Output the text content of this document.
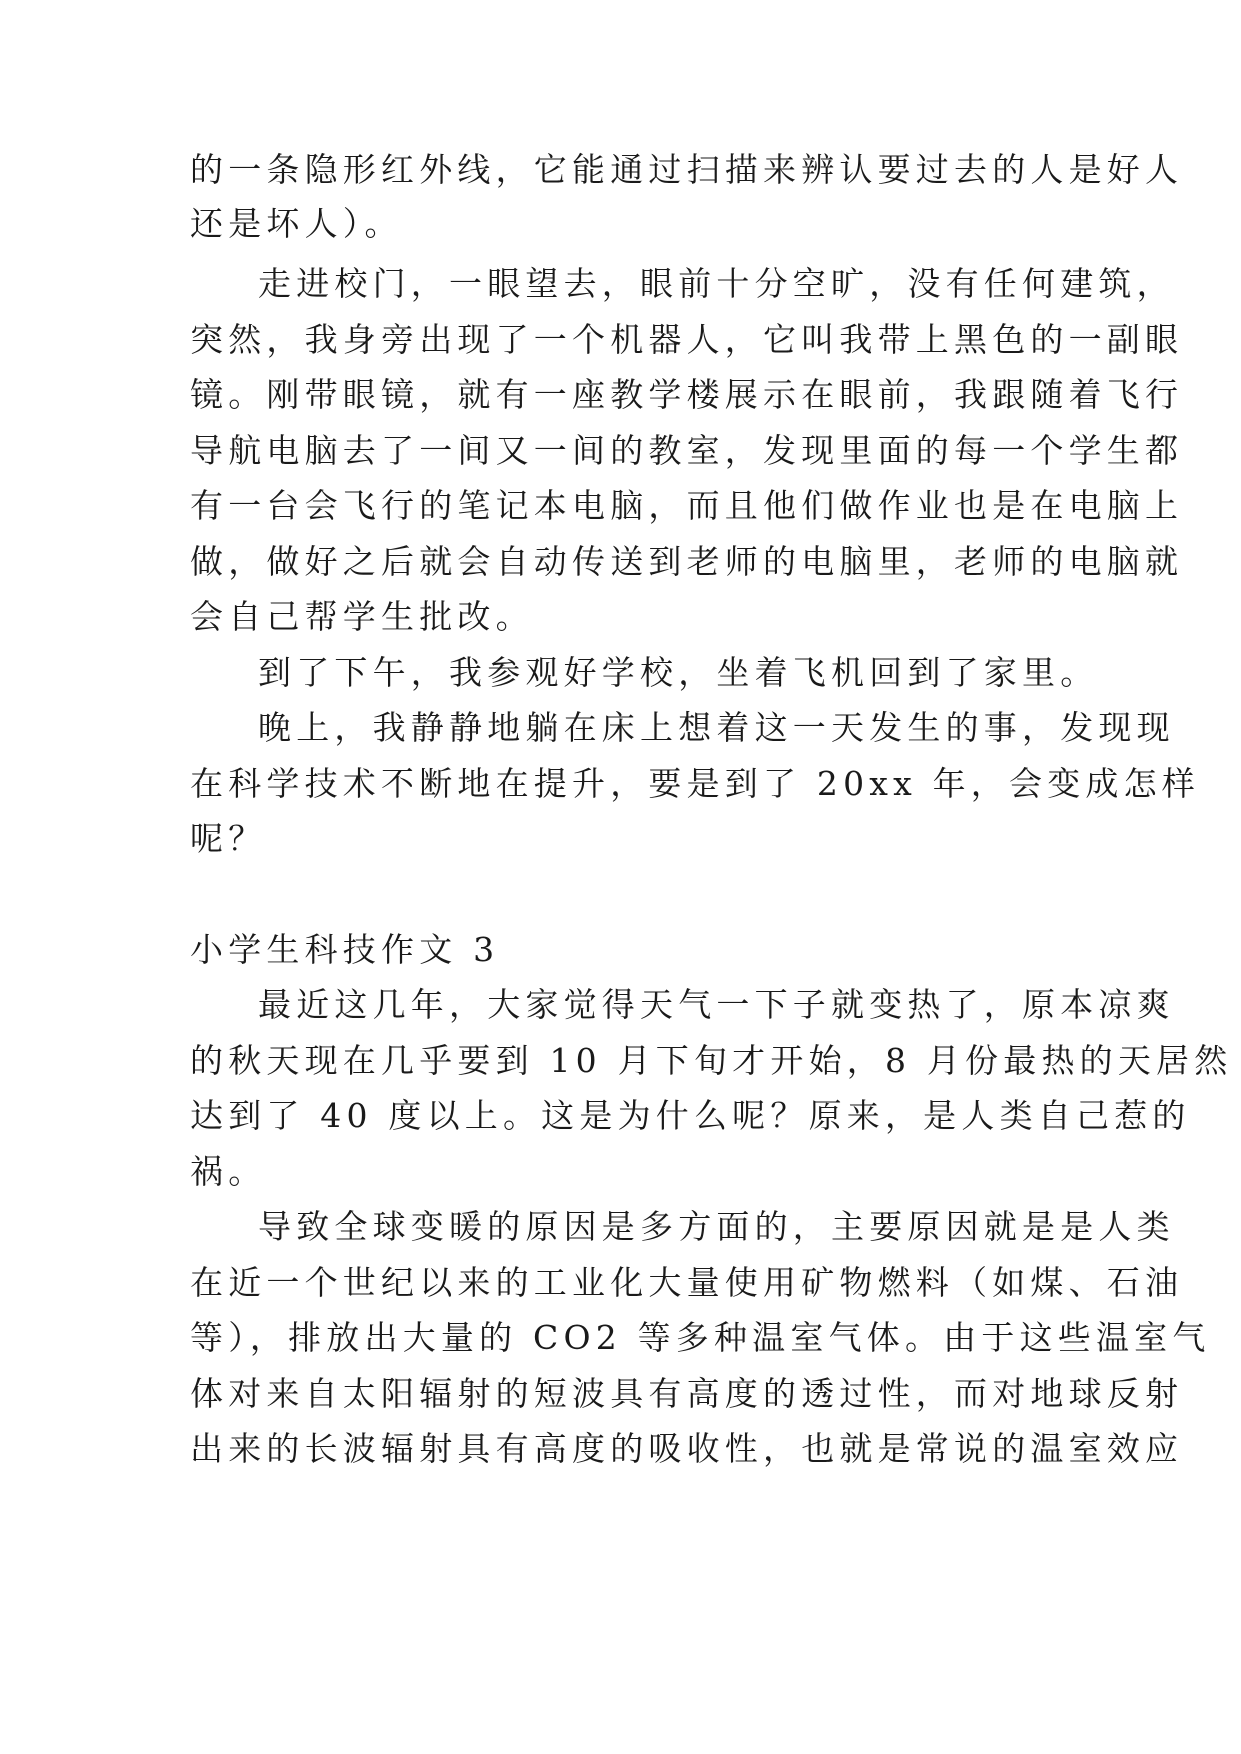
的一条隐形红外线，它能通过扫描来辨认要过去的人是好人
还是坏人）。
走进校门，一眼望去，眼前十分空旷，没有任何建筑，
突然，我身旁出现了一个机器人，它叫我带上黑色的一副眼
镜。刚带眼镜，就有一座教学楼展示在眼前，我跟随着飞行
导航电脑去了一间又一间的教室，发现里面的每一个学生都
有一台会飞行的笔记本电脑，而且他们做作业也是在电脑上
做，做好之后就会自动传送到老师的电脑里，老师的电脑就
会自己帮学生批改。
到了下午，我参观好学校，坐着飞机回到了家里。
晚上，我静静地躺在床上想着这一天发生的事，发现现
在科学技术不断地在提升，要是到了 20xx 年，会变成怎样
呢？
小学生科技作文 3
最近这几年，大家觉得天气一下子就变热了，原本凉爽
的秋天现在几乎要到 10 月下旬才开始，8 月份最热的天居然
达到了 40 度以上。这是为什么呢？原来，是人类自己惹的
祸。
导致全球变暖的原因是多方面的，主要原因就是是人类
在近一个世纪以来的工业化大量使用矿物燃料（如煤、石油
等），排放出大量的 CO2 等多种温室气体。由于这些温室气
体对来自太阳辐射的短波具有高度的透过性，而对地球反射
出来的长波辐射具有高度的吸收性，也就是常说的温室效应
